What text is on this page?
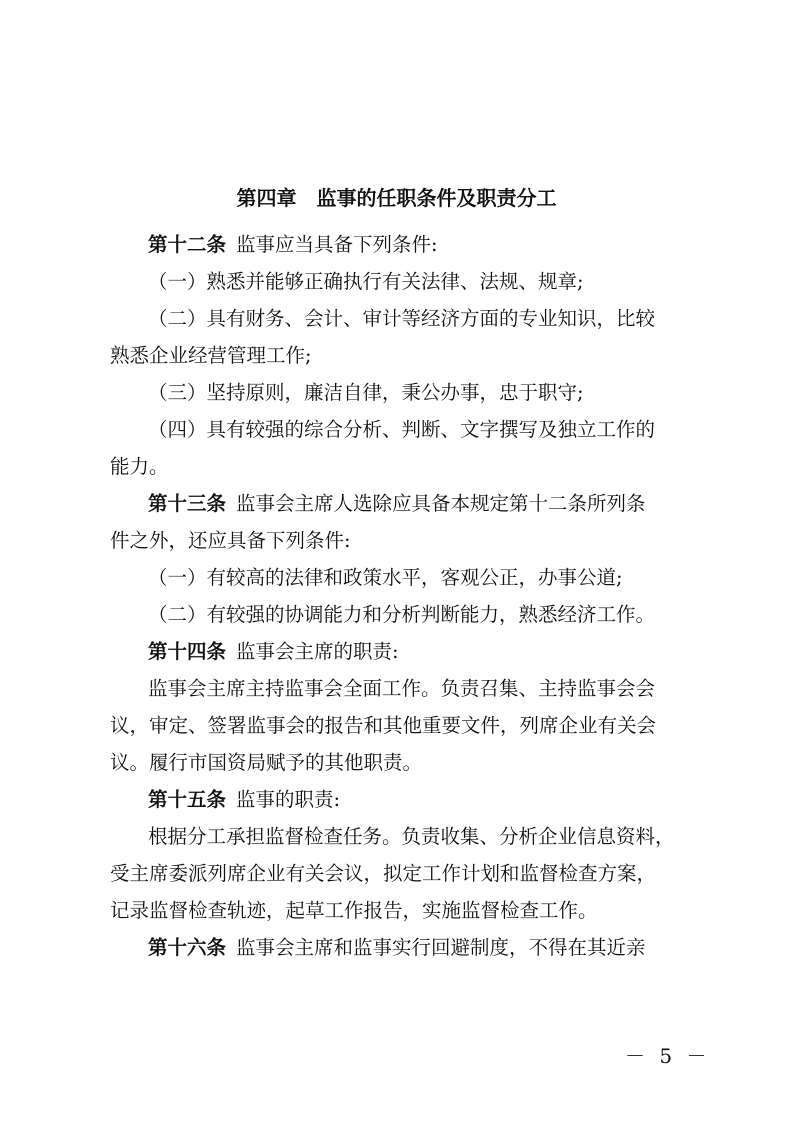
第四章　监事的任职条件及职责分工
第十二条 监事应当具备下列条件:
（一）熟悉并能够正确执行有关法律、法规、规章;
（二）具有财务、会计、审计等经济方面的专业知识，比较
熟悉企业经营管理工作;
（三）坚持原则，廉洁自律，秉公办事，忠于职守;
（四）具有较强的综合分析、判断、文字撰写及独立工作的
能力。
第十三条 监事会主席人选除应具备本规定第十二条所列条
件之外，还应具备下列条件:
（一）有较高的法律和政策水平，客观公正，办事公道;
（二）有较强的协调能力和分析判断能力，熟悉经济工作。
第十四条 监事会主席的职责:
监事会主席主持监事会全面工作。负责召集、主持监事会会
议，审定、签署监事会的报告和其他重要文件，列席企业有关会
议。履行市国资局赋予的其他职责。
第十五条 监事的职责:
根据分工承担监督检查任务。负责收集、分析企业信息资料，
受主席委派列席企业有关会议，拟定工作计划和监督检查方案，
记录监督检查轨迹，起草工作报告，实施监督检查工作。
第十六条 监事会主席和监事实行回避制度，不得在其近亲
－ 5 －
